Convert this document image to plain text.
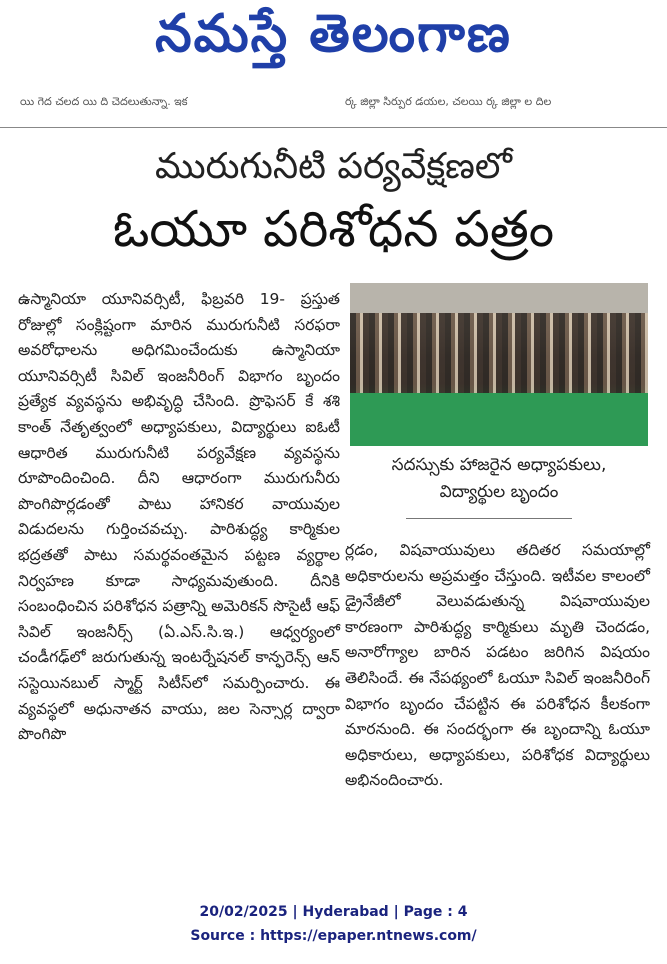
నమస్తే తెలంగాణ
యి గెద చలద యి ది చెదలుతున్నా. ఇక	ర్క జిల్లా సిర్పుర డయల, చలయి ర్క జిల్లా ల దిల
మురుగునీటి పర్యవేక్షణలో
ఓయూ పరిశోధన పత్రం

ఉస్మానియా యూనివర్సిటీ, ఫిబ్రవరి 19- ప్రస్తుత రోజుల్లో సంక్లిష్టంగా మారిన మురుగునీటి సరఫరా అవరోధాలను అధిగమించేందుకు ఉస్మానియా యూనివర్సిటీ సివిల్ ఇంజనీరింగ్ విభాగం బృందం ప్రత్యేక వ్యవస్థను అభివృద్ధి చేసింది. ప్రొఫెసర్ కే శశి కాంత్ నేతృత్వంలో అధ్యాపకులు, విద్యార్థులు ఐఓటీ ఆధారిత మురుగునీటి పర్యవేక్షణ వ్యవస్థను రూపొందించింది. దీని ఆధారంగా మురుగునీరు పొంగిపొర్లడంతో పాటు హానికర వాయువుల విడుదలను గుర్తించవచ్చు. పారిశుద్ధ్య కార్మికుల భద్రతతో పాటు సమర్థవంతమైన పట్టణ వ్యర్థాల నిర్వహణ కూడా సాధ్యమవుతుంది. దీనికి సంబంధించిన పరిశోధన పత్రాన్ని అమెరికన్ సొసైటీ ఆఫ్ సివిల్ ఇంజనీర్స్ (ఏ.ఎస్.సి.ఇ.) ఆధ్వర్యంలో చండీగఢ్‌లో జరుగుతున్న ఇంటర్నేషనల్ కాన్ఫరెన్స్ ఆన్ సస్టెయినబుల్ స్మార్ట్ సిటీస్‌లో సమర్పించారు. ఈ వ్యవస్థలో అధునాతన వాయు, జల సెన్సార్ల ద్వారా పొంగిపొ

సదస్సుకు హాజరైన అధ్యాపకులు,
విద్యార్థుల బృందం

ర్లడం, విషవాయువులు తదితర సమయాల్లో అధికారులను అప్రమత్తం చేస్తుంది. ఇటీవల కాలంలో డ్రైనేజీలో వెలువడుతున్న విషవాయువుల కారణంగా పారిశుద్ధ్య కార్మికులు మృతి చెందడం, అనారోగ్యాల బారిన పడటం జరిగిన విషయం తెలిసిందే. ఈ నేపథ్యంలో ఓయూ సివిల్ ఇంజనీరింగ్ విభాగం బృందం చేపట్టిన ఈ పరిశోధన కీలకంగా మారనుంది. ఈ సందర్భంగా ఈ బృందాన్ని ఓయూ అధికారులు, అధ్యాపకులు, పరిశోధక విద్యార్థులు అభినందించారు.

20/02/2025 | Hyderabad | Page : 4
Source : https://epaper.ntnews.com/
